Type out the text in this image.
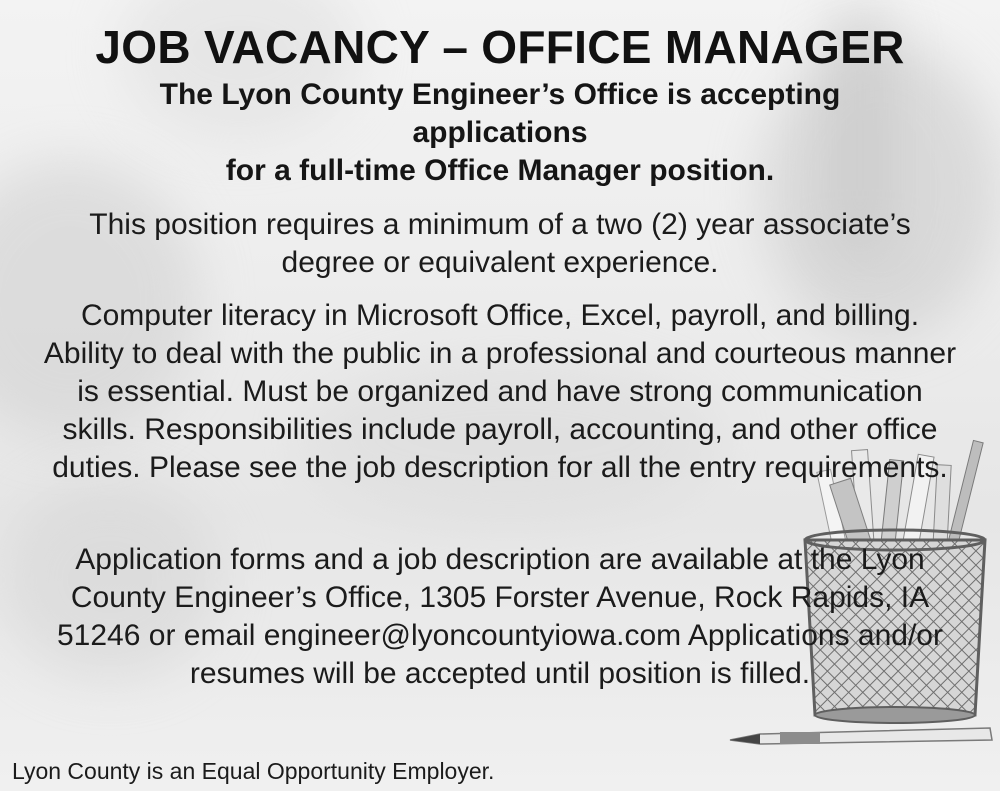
JOB VACANCY – OFFICE MANAGER

The Lyon County Engineer’s Office is accepting
applications
for a full-time Office Manager position.

This position requires a minimum of a two (2) year associate’s degree or equivalent experience.

Computer literacy in Microsoft Office, Excel, payroll, and billing. Ability to deal with the public in a professional and courteous manner is essential. Must be organized and have strong communication skills. Responsibilities include payroll, accounting, and other office duties. Please see the job description for all the entry requirements.

Application forms and a job description are available at the Lyon County Engineer’s Office, 1305 Forster Avenue, Rock Rapids, IA 51246 or email engineer@lyoncountyiowa.com Applications and/or resumes will be accepted until position is filled.

Lyon County is an Equal Opportunity Employer.
